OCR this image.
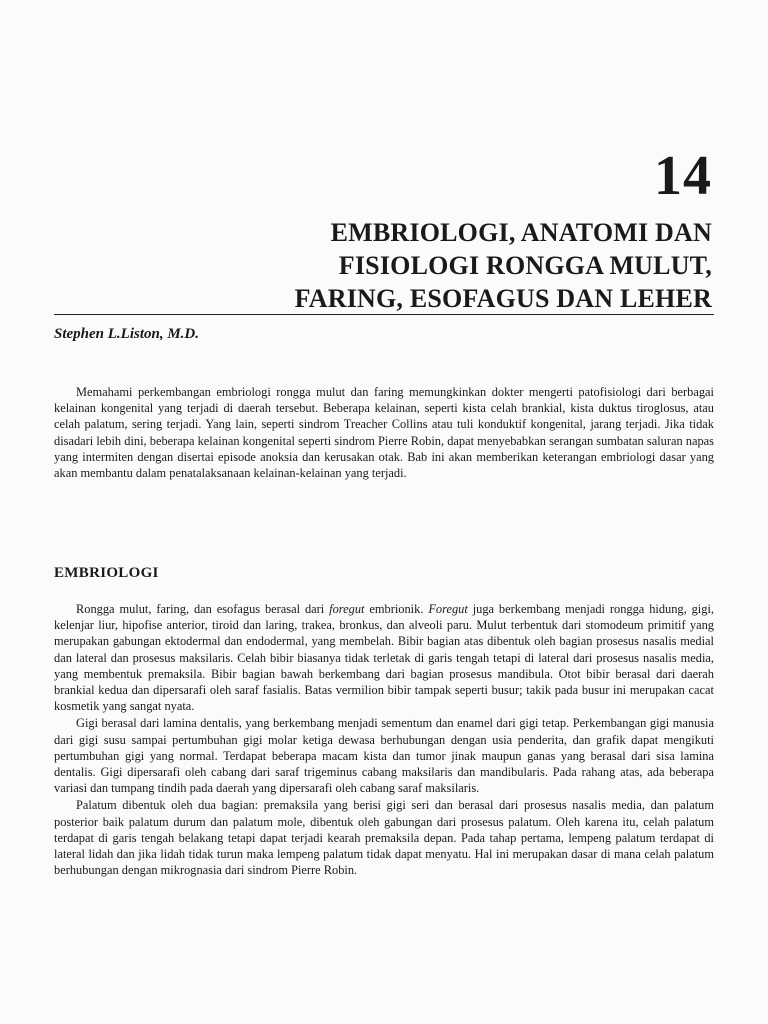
14
EMBRIOLOGI, ANATOMI DAN
FISIOLOGI RONGGA MULUT,
FARING, ESOFAGUS DAN LEHER
Stephen L.Liston, M.D.

Memahami perkembangan embriologi rongga mulut dan faring memungkinkan dokter mengerti patofisiologi dari berbagai kelainan kongenital yang terjadi di daerah tersebut. Beberapa kelainan, seperti kista celah brankial, kista duktus tiroglosus, atau celah palatum, sering terjadi. Yang lain, seperti sindrom Treacher Collins atau tuli konduktif kongenital, jarang terjadi. Jika tidak disadari lebih dini, beberapa kelainan kongenital seperti sindrom Pierre Robin, dapat menyebabkan serangan sumbatan saluran napas yang intermiten dengan disertai episode anoksia dan kerusakan otak. Bab ini akan memberikan keterangan embriologi dasar yang akan membantu dalam penatalaksanaan kelainan-kelainan yang terjadi.

EMBRIOLOGI

Rongga mulut, faring, dan esofagus berasal dari foregut embrionik. Foregut juga berkembang menjadi rongga hidung, gigi, kelenjar liur, hipofise anterior, tiroid dan laring, trakea, bronkus, dan alveoli paru. Mulut terbentuk dari stomodeum primitif yang merupakan gabungan ektodermal dan endodermal, yang membelah. Bibir bagian atas dibentuk oleh bagian prosesus nasalis medial dan lateral dan prosesus maksilaris. Celah bibir biasanya tidak terletak di garis tengah tetapi di lateral dari prosesus nasalis media, yang membentuk premaksila. Bibir bagian bawah berkembang dari bagian prosesus mandibula. Otot bibir berasal dari daerah brankial kedua dan dipersarafi oleh saraf fasialis. Batas vermilion bibir tampak seperti busur; takik pada busur ini merupakan cacat kosmetik yang sangat nyata.

Gigi berasal dari lamina dentalis, yang berkembang menjadi sementum dan enamel dari gigi tetap. Perkembangan gigi manusia dari gigi susu sampai pertumbuhan gigi molar ketiga dewasa berhubungan dengan usia penderita, dan grafik dapat mengikuti pertumbuhan gigi yang normal. Terdapat beberapa macam kista dan tumor jinak maupun ganas yang berasal dari sisa lamina dentalis. Gigi dipersarafi oleh cabang dari saraf trigeminus cabang maksilaris dan mandibularis. Pada rahang atas, ada beberapa variasi dan tumpang tindih pada daerah yang dipersarafi oleh cabang saraf maksilaris.

Palatum dibentuk oleh dua bagian: premaksila yang berisi gigi seri dan berasal dari prosesus nasalis media, dan palatum posterior baik palatum durum dan palatum mole, dibentuk oleh gabungan dari prosesus palatum. Oleh karena itu, celah palatum terdapat di garis tengah belakang tetapi dapat terjadi kearah premaksila depan. Pada tahap pertama, lempeng palatum terdapat di lateral lidah dan jika lidah tidak turun maka lempeng palatum tidak dapat menyatu. Hal ini merupakan dasar di mana celah palatum berhubungan dengan mikrognasia dari sindrom Pierre Robin.
